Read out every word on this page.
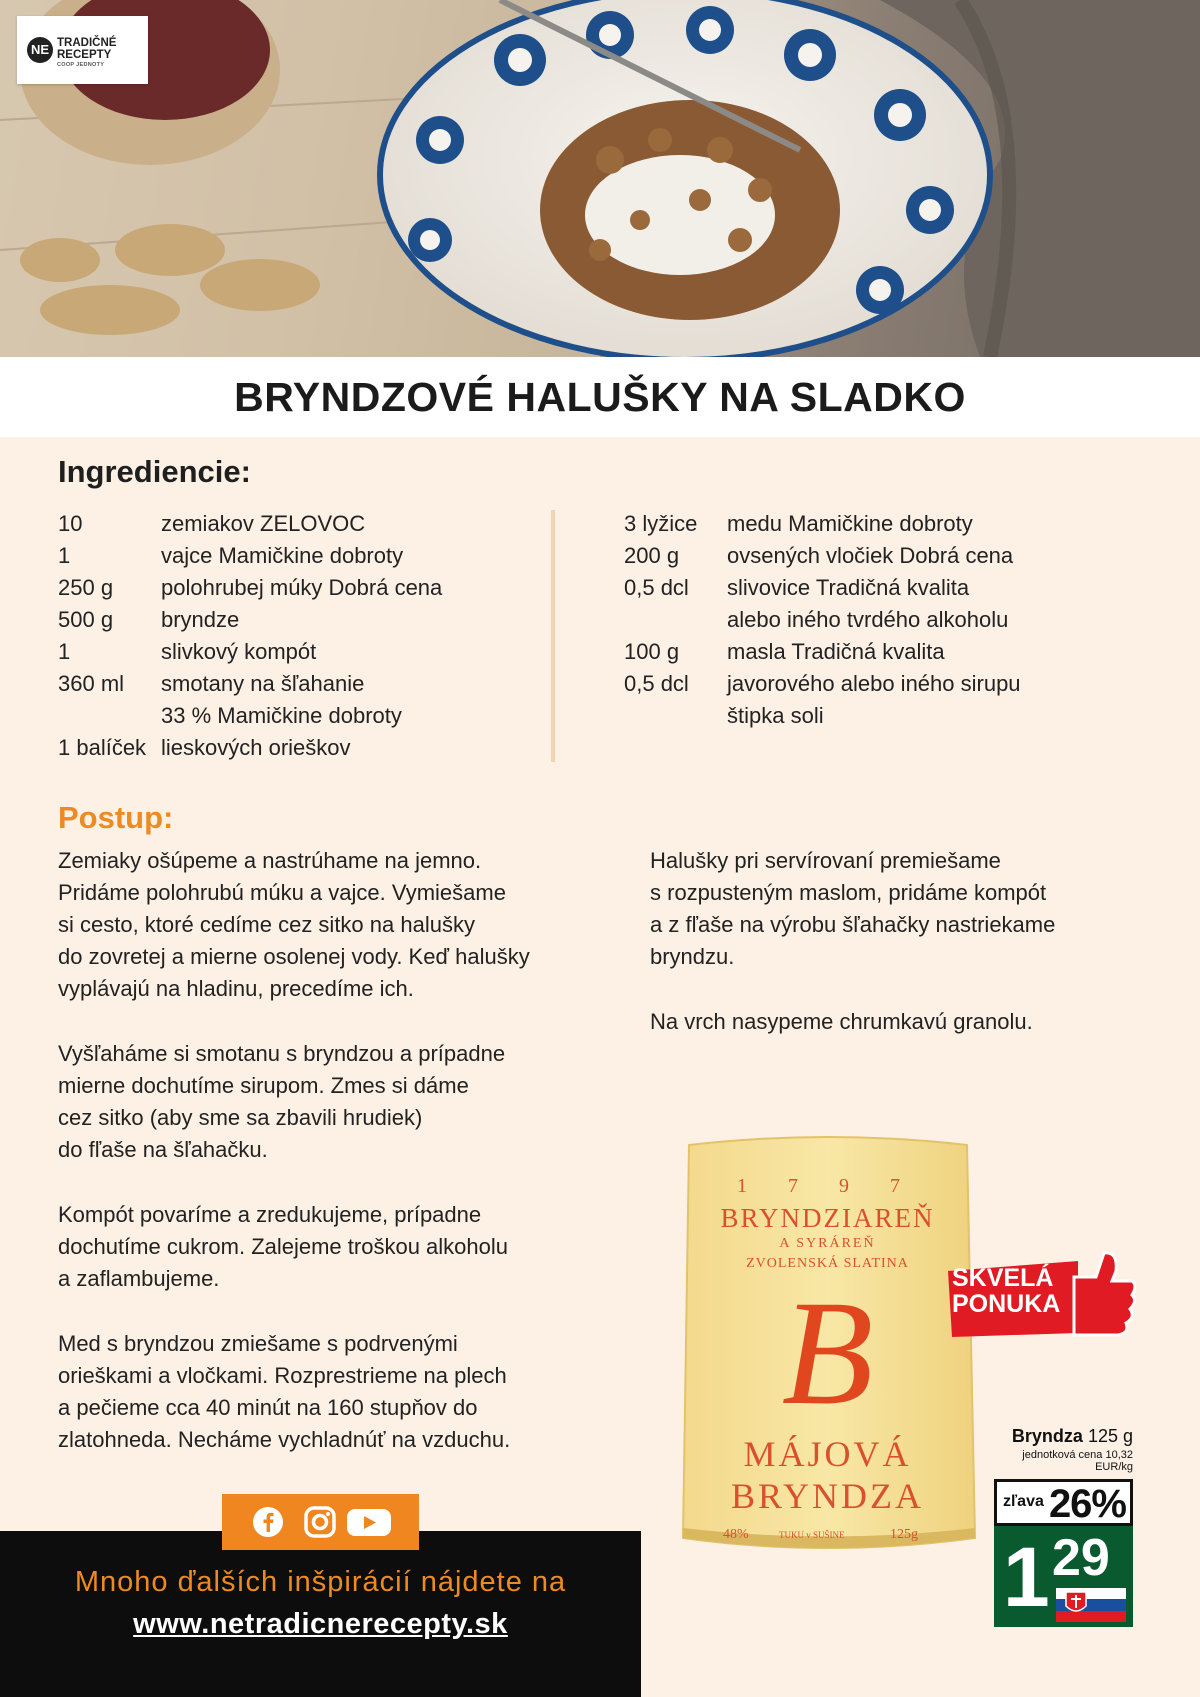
NE TRADIČNÉ
RECEPTY
COOP JEDNOTY
BRYNDZOVÉ HALUŠKY NA SLADKO
Ingrediencie:
10	zemiakov ZELOVOC
1	vajce Mamičkine dobroty
250 g polohrubej múky Dobrá cena
500 g bryndze
1	slivkový kompót
360 ml smotany na šľahanie
33 % Mamičkine dobroty
1 balíček lieskových orieškov
3 lyžice medu Mamičkine dobroty
200 g ovsených vločiek Dobrá cena
0,5 dcl slivovice Tradičná kvalita
alebo iného tvrdého alkoholu
100 g masla Tradičná kvalita
0,5 dcl javorového alebo iného sirupu
štipka soli
Postup:
Zemiaky ošúpeme a nastrúhame na jemno.
Pridáme polohrubú múku a vajce. Vymiešame
si cesto, ktoré cedíme cez sitko na halušky
do zovretej a mierne osolenej vody. Keď halušky
vyplávajú na hladinu, precedíme ich.
Vyšľaháme si smotanu s bryndzou a prípadne
mierne dochutíme sirupom. Zmes si dáme
cez sitko (aby sme sa zbavili hrudiek)
do fľaše na šľahačku.
Kompót povaríme a zredukujeme, prípadne
dochutíme cukrom. Zalejeme troškou alkoholu
a zaflambujeme.
Med s bryndzou zmiešame s podrvenými
orieškami a vločkami. Rozprestrieme na plech
a pečieme cca 40 minút na 160 stupňov do
zlatohneda. Necháme vychladnúť na vzduchu.
Halušky pri servírovaní premiešame
s rozpusteným maslom, pridáme kompót
a z fľaše na výrobu šľahačky nastriekame
bryndzu.
Na vrch nasypeme chrumkavú granolu.
1 7 9 7
BRYNDZIAREŇ
A SYRÁREŇ
ZVOLENSKÁ SLATINA
B
MÁJOVÁ
BRYNDZA
48%	TUKU v SUŠINE	125g
SKVELÁ
PONUKA
Bryndza 125 g
jednotková cena 10,32 EUR/kg
zľava 26%
1 29
Mnoho ďalších inšpirácií nájdete na
www.netradicnerecepty.sk
